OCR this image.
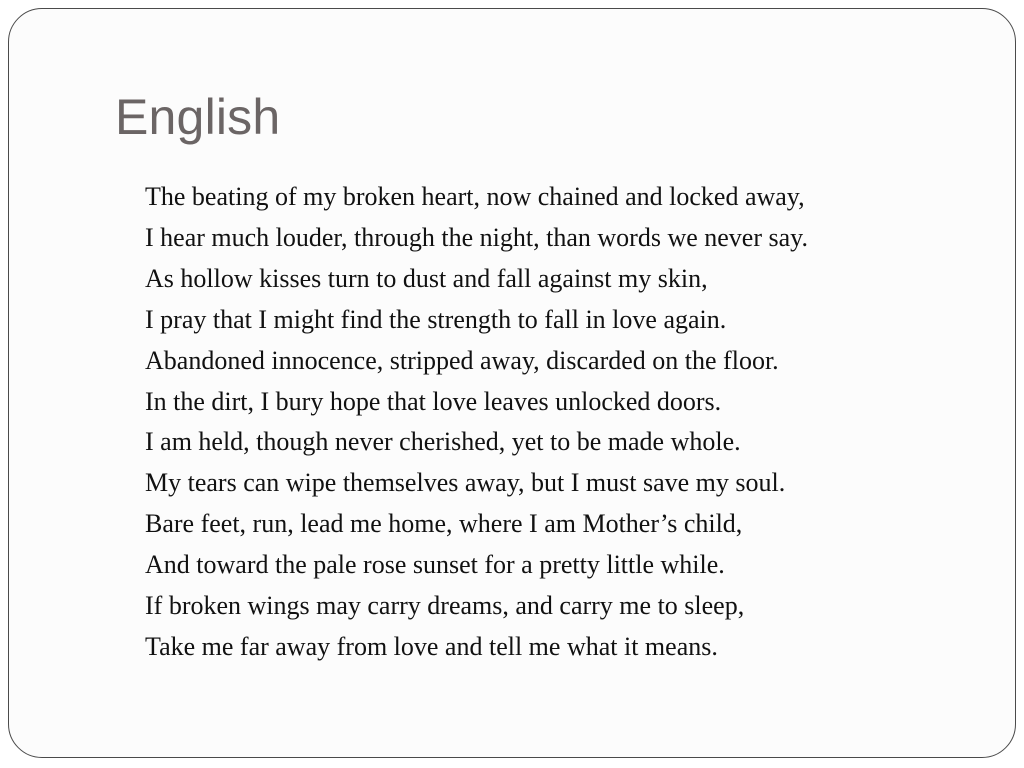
English
The beating of my broken heart, now chained and locked away,
I hear much louder, through the night, than words we never say.
As hollow kisses turn to dust and fall against my skin,
I pray that I might find the strength to fall in love again.
Abandoned innocence, stripped away, discarded on the floor.
In the dirt, I bury hope that love leaves unlocked doors.
I am held, though never cherished, yet to be made whole.
My tears can wipe themselves away, but I must save my soul.
Bare feet, run, lead me home, where I am Mother’s child,
And toward the pale rose sunset for a pretty little while.
If broken wings may carry dreams, and carry me to sleep,
Take me far away from love and tell me what it means.
